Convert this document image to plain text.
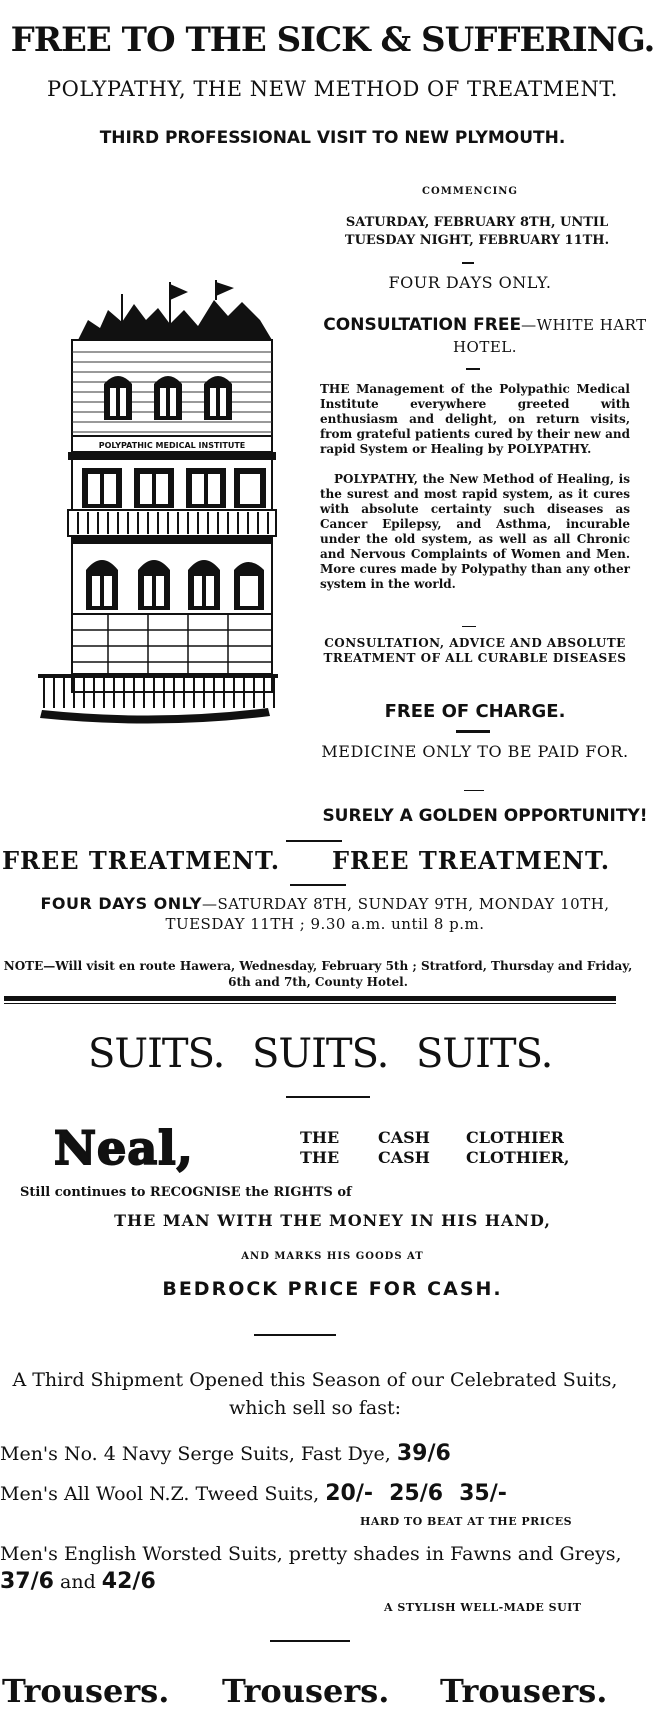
FREE TO THE SICK & SUFFERING.
POLYPATHY, THE NEW METHOD OF TREATMENT.
THIRD PROFESSIONAL VISIT TO NEW PLYMOUTH.
COMMENCING
SATURDAY, FEBRUARY 8TH, UNTIL TUESDAY NIGHT, FEBRUARY 11TH.
FOUR DAYS ONLY.
CONSULTATION FREE—WHITE HART HOTEL.
POLYPATHIC MEDICAL INSTITUTE
THE Management of the Polypathic Medical Institute everywhere greeted with enthusiasm and delight, on return visits, from grateful patients cured by their new and rapid System or Healing by POLYPATHY.
POLYPATHY, the New Method of Healing, is the surest and most rapid system, as it cures with absolute certainty such diseases as Cancer Epilepsy, and Asthma, incurable under the old system, as well as all Chronic and Nervous Complaints of Women and Men. More cures made by Polypathy than any other system in the world.
CONSULTATION, ADVICE AND ABSOLUTE TREATMENT OF ALL CURABLE DISEASES
FREE OF CHARGE.
MEDICINE ONLY TO BE PAID FOR.
SURELY A GOLDEN OPPORTUNITY!
FREE TREATMENT.	FREE TREATMENT.
FOUR DAYS ONLY—SATURDAY 8TH, SUNDAY 9TH, MONDAY 10TH, TUESDAY 11TH ; 9.30 a.m. until 8 p.m.
NOTE—Will visit en route Hawera, Wednesday, February 5th ; Stratford, Thursday and Friday, 6th and 7th, County Hotel.
SUITS. SUITS. SUITS.
Neal,	THE CASH CLOTHIER
THE CASH CLOTHIER,
Still continues to RECOGNISE the RIGHTS of
THE MAN WITH THE MONEY IN HIS HAND,
AND MARKS HIS GOODS AT
BEDROCK PRICE FOR CASH.
A Third Shipment Opened this Season of our Celebrated Suits, which sell so fast:
Men's No. 4 Navy Serge Suits, Fast Dye, 39/6
Men's All Wool N.Z. Tweed Suits, 20/- 25/6 35/-
HARD TO BEAT AT THE PRICES
Men's English Worsted Suits, pretty shades in Fawns and Greys, 37/6 and 42/6
A STYLISH WELL-MADE SUIT
Trousers. Trousers. Trousers.
